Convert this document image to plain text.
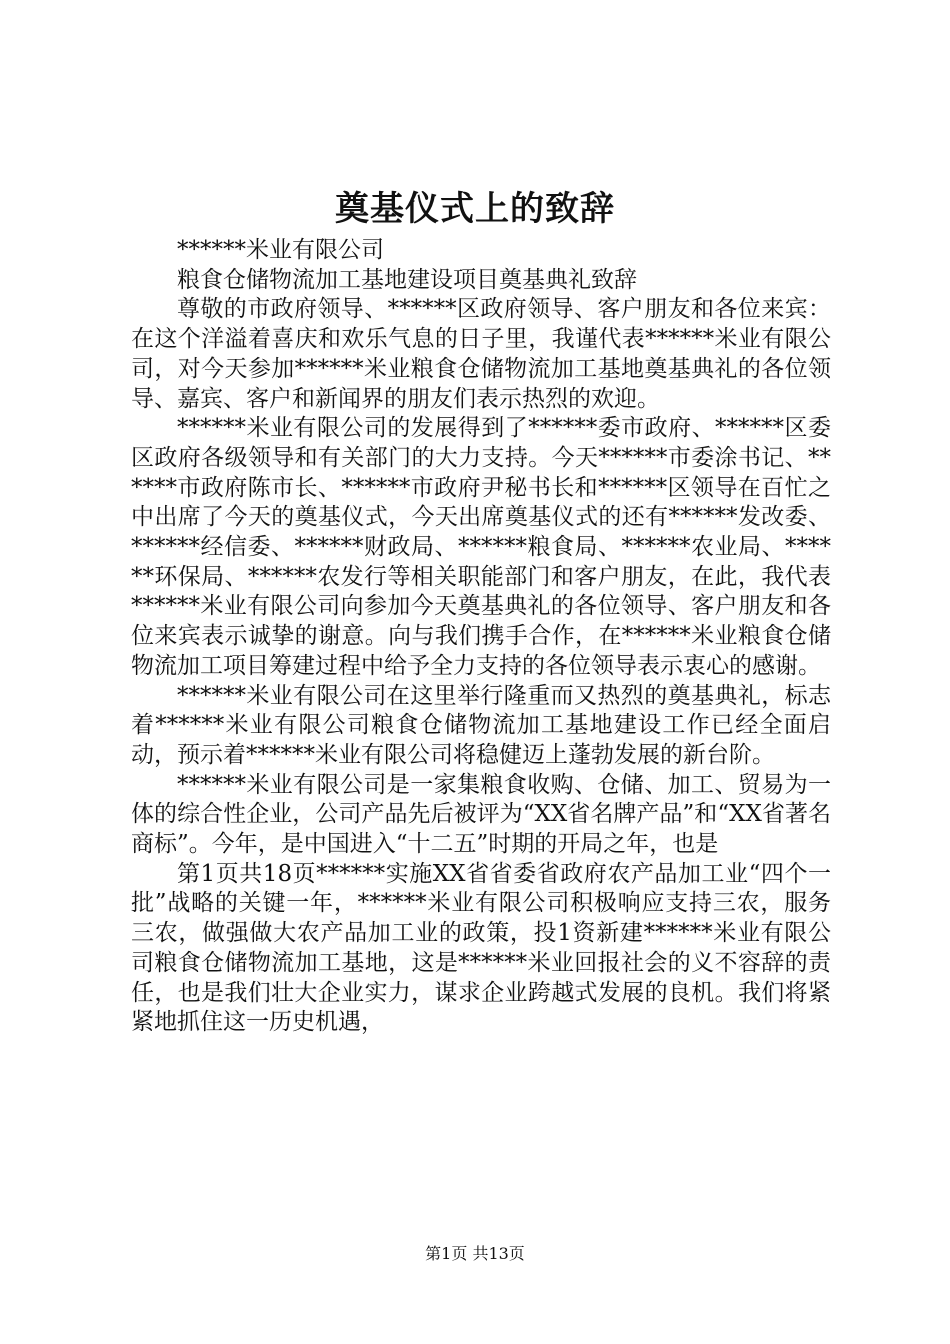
奠基仪式上的致辞

******米业有限公司

粮食仓储物流加工基地建设项目奠基典礼致辞

尊敬的市政府领导、******区政府领导、客户朋友和各位来宾：在这个洋溢着喜庆和欢乐气息的日子里，我谨代表******米业有限公司，对今天参加******米业粮食仓储物流加工基地奠基典礼的各位领导、嘉宾、客户和新闻界的朋友们表示热烈的欢迎。

******米业有限公司的发展得到了******委市政府、******区委区政府各级领导和有关部门的大力支持。今天******市委涂书记、******市政府陈市长、******市政府尹秘书长和******区领导在百忙之中出席了今天的奠基仪式，今天出席奠基仪式的还有******发改委、******经信委、******财政局、******粮食局、******农业局、******环保局、******农发行等相关职能部门和客户朋友，在此，我代表******米业有限公司向参加今天奠基典礼的各位领导、客户朋友和各位来宾表示诚挚的谢意。向与我们携手合作，在******米业粮食仓储物流加工项目筹建过程中给予全力支持的各位领导表示衷心的感谢。

******米业有限公司在这里举行隆重而又热烈的奠基典礼，标志着******米业有限公司粮食仓储物流加工基地建设工作已经全面启动，预示着******米业有限公司将稳健迈上蓬勃发展的新台阶。

******米业有限公司是一家集粮食收购、仓储、加工、贸易为一体的综合性企业，公司产品先后被评为“XX省名牌产品”和“XX省著名商标”。今年，是中国进入“十二五”时期的开局之年，也是

第1页共18页******实施XX省省委省政府农产品加工业“四个一批”战略的关键一年，******米业有限公司积极响应支持三农，服务三农，做强做大农产品加工业的政策，投1资新建******米业有限公司粮食仓储物流加工基地，这是******米业回报社会的义不容辞的责任，也是我们壮大企业实力，谋求企业跨越式发展的良机。我们将紧紧地抓住这一历史机遇，

第1页 共13页
